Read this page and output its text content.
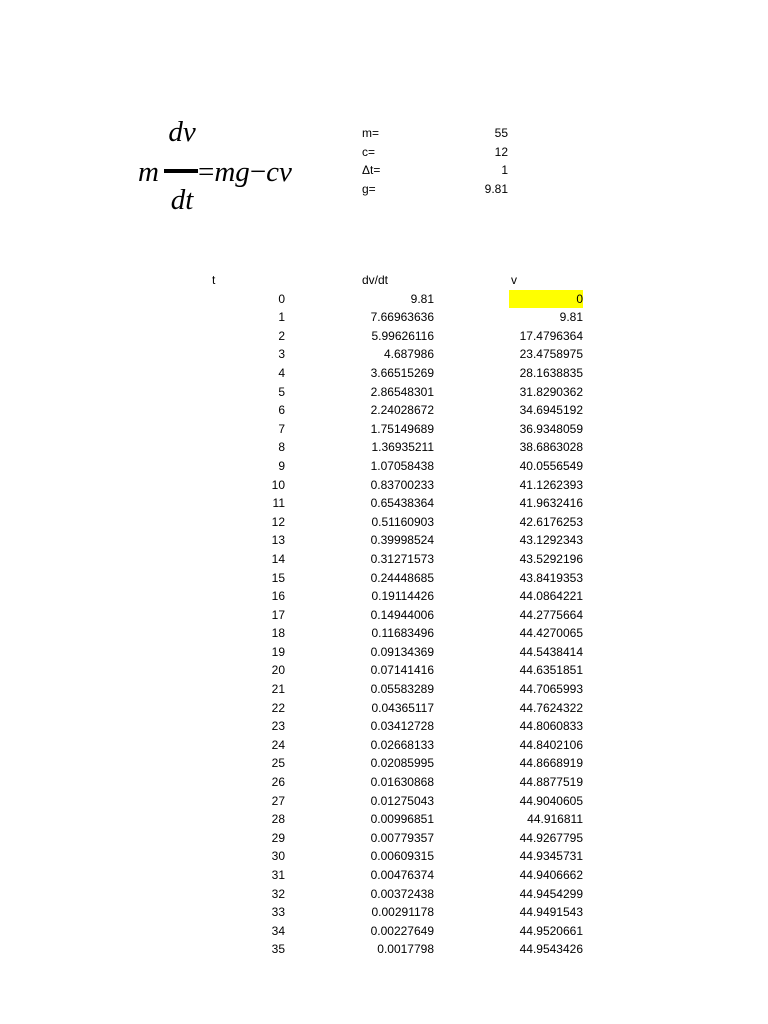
m
dv
dt
=mg−cv
m=	55
c=	12
Δt=	1
g=	9.81
t	dv/dt	v
0	9.81	0
1	7.66963636	9.81
2	5.99626116	17.4796364
3	4.687986	23.4758975
4	3.66515269	28.1638835
5	2.86548301	31.8290362
6	2.24028672	34.6945192
7	1.75149689	36.9348059
8	1.36935211	38.6863028
9	1.07058438	40.0556549
10	0.83700233	41.1262393
11	0.65438364	41.9632416
12	0.51160903	42.6176253
13	0.39998524	43.1292343
14	0.31271573	43.5292196
15	0.24448685	43.8419353
16	0.19114426	44.0864221
17	0.14944006	44.2775664
18	0.11683496	44.4270065
19	0.09134369	44.5438414
20	0.07141416	44.6351851
21	0.05583289	44.7065993
22	0.04365117	44.7624322
23	0.03412728	44.8060833
24	0.02668133	44.8402106
25	0.02085995	44.8668919
26	0.01630868	44.8877519
27	0.01275043	44.9040605
28	0.00996851	44.916811
29	0.00779357	44.9267795
30	0.00609315	44.9345731
31	0.00476374	44.9406662
32	0.00372438	44.9454299
33	0.00291178	44.9491543
34	0.00227649	44.9520661
35	0.0017798	44.9543426
